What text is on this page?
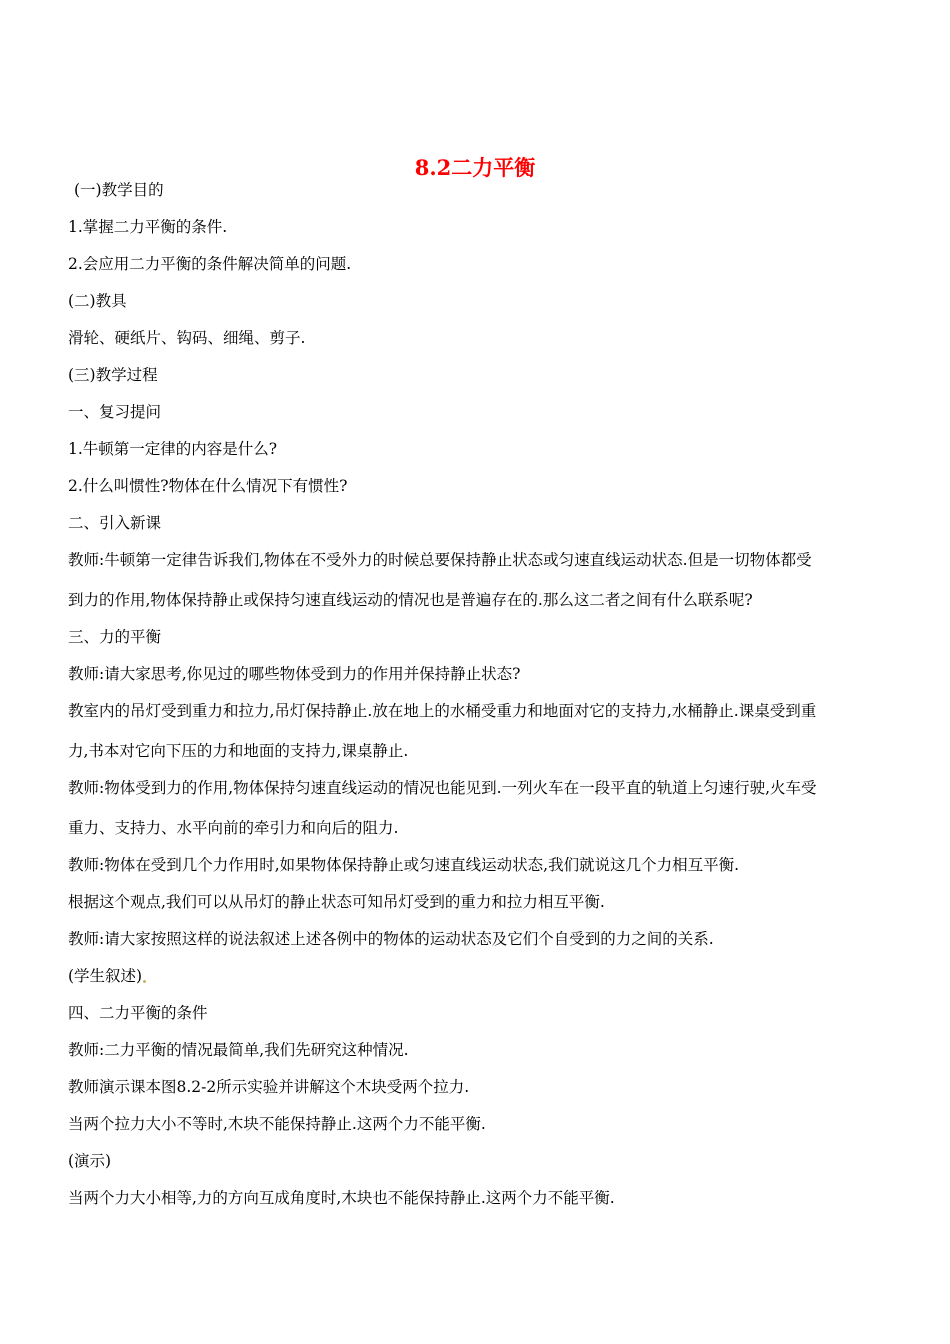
8.2二力平衡
(一)教学目的
1.掌握二力平衡的条件.
2.会应用二力平衡的条件解决简单的问题.
(二)教具
滑轮、硬纸片、钩码、细绳、剪子.
(三)教学过程
一、复习提问
1.牛顿第一定律的内容是什么?
2.什么叫惯性?物体在什么情况下有惯性?
二、引入新课
教师:牛顿第一定律告诉我们,物体在不受外力的时候总要保持静止状态或匀速直线运动状态.但是一切物体都受
到力的作用,物体保持静止或保持匀速直线运动的情况也是普遍存在的.那么这二者之间有什么联系呢?
三、力的平衡
教师:请大家思考,你见过的哪些物体受到力的作用并保持静止状态?
教室内的吊灯受到重力和拉力,吊灯保持静止.放在地上的水桶受重力和地面对它的支持力,水桶静止.课桌受到重
力,书本对它向下压的力和地面的支持力,课桌静止.
教师:物体受到力的作用,物体保持匀速直线运动的情况也能见到.一列火车在一段平直的轨道上匀速行驶,火车受
重力、支持力、水平向前的牵引力和向后的阻力.
教师:物体在受到几个力作用时,如果物体保持静止或匀速直线运动状态,我们就说这几个力相互平衡.
根据这个观点,我们可以从吊灯的静止状态可知吊灯受到的重力和拉力相互平衡.
教师:请大家按照这样的说法叙述上述各例中的物体的运动状态及它们个自受到的力之间的关系.
(学生叙述)
四、二力平衡的条件
教师:二力平衡的情况最简单,我们先研究这种情况.
教师演示课本图8.2-2所示实验并讲解这个木块受两个拉力.
当两个拉力大小不等时,木块不能保持静止.这两个力不能平衡.
(演示)
当两个力大小相等,力的方向互成角度时,木块也不能保持静止.这两个力不能平衡.
